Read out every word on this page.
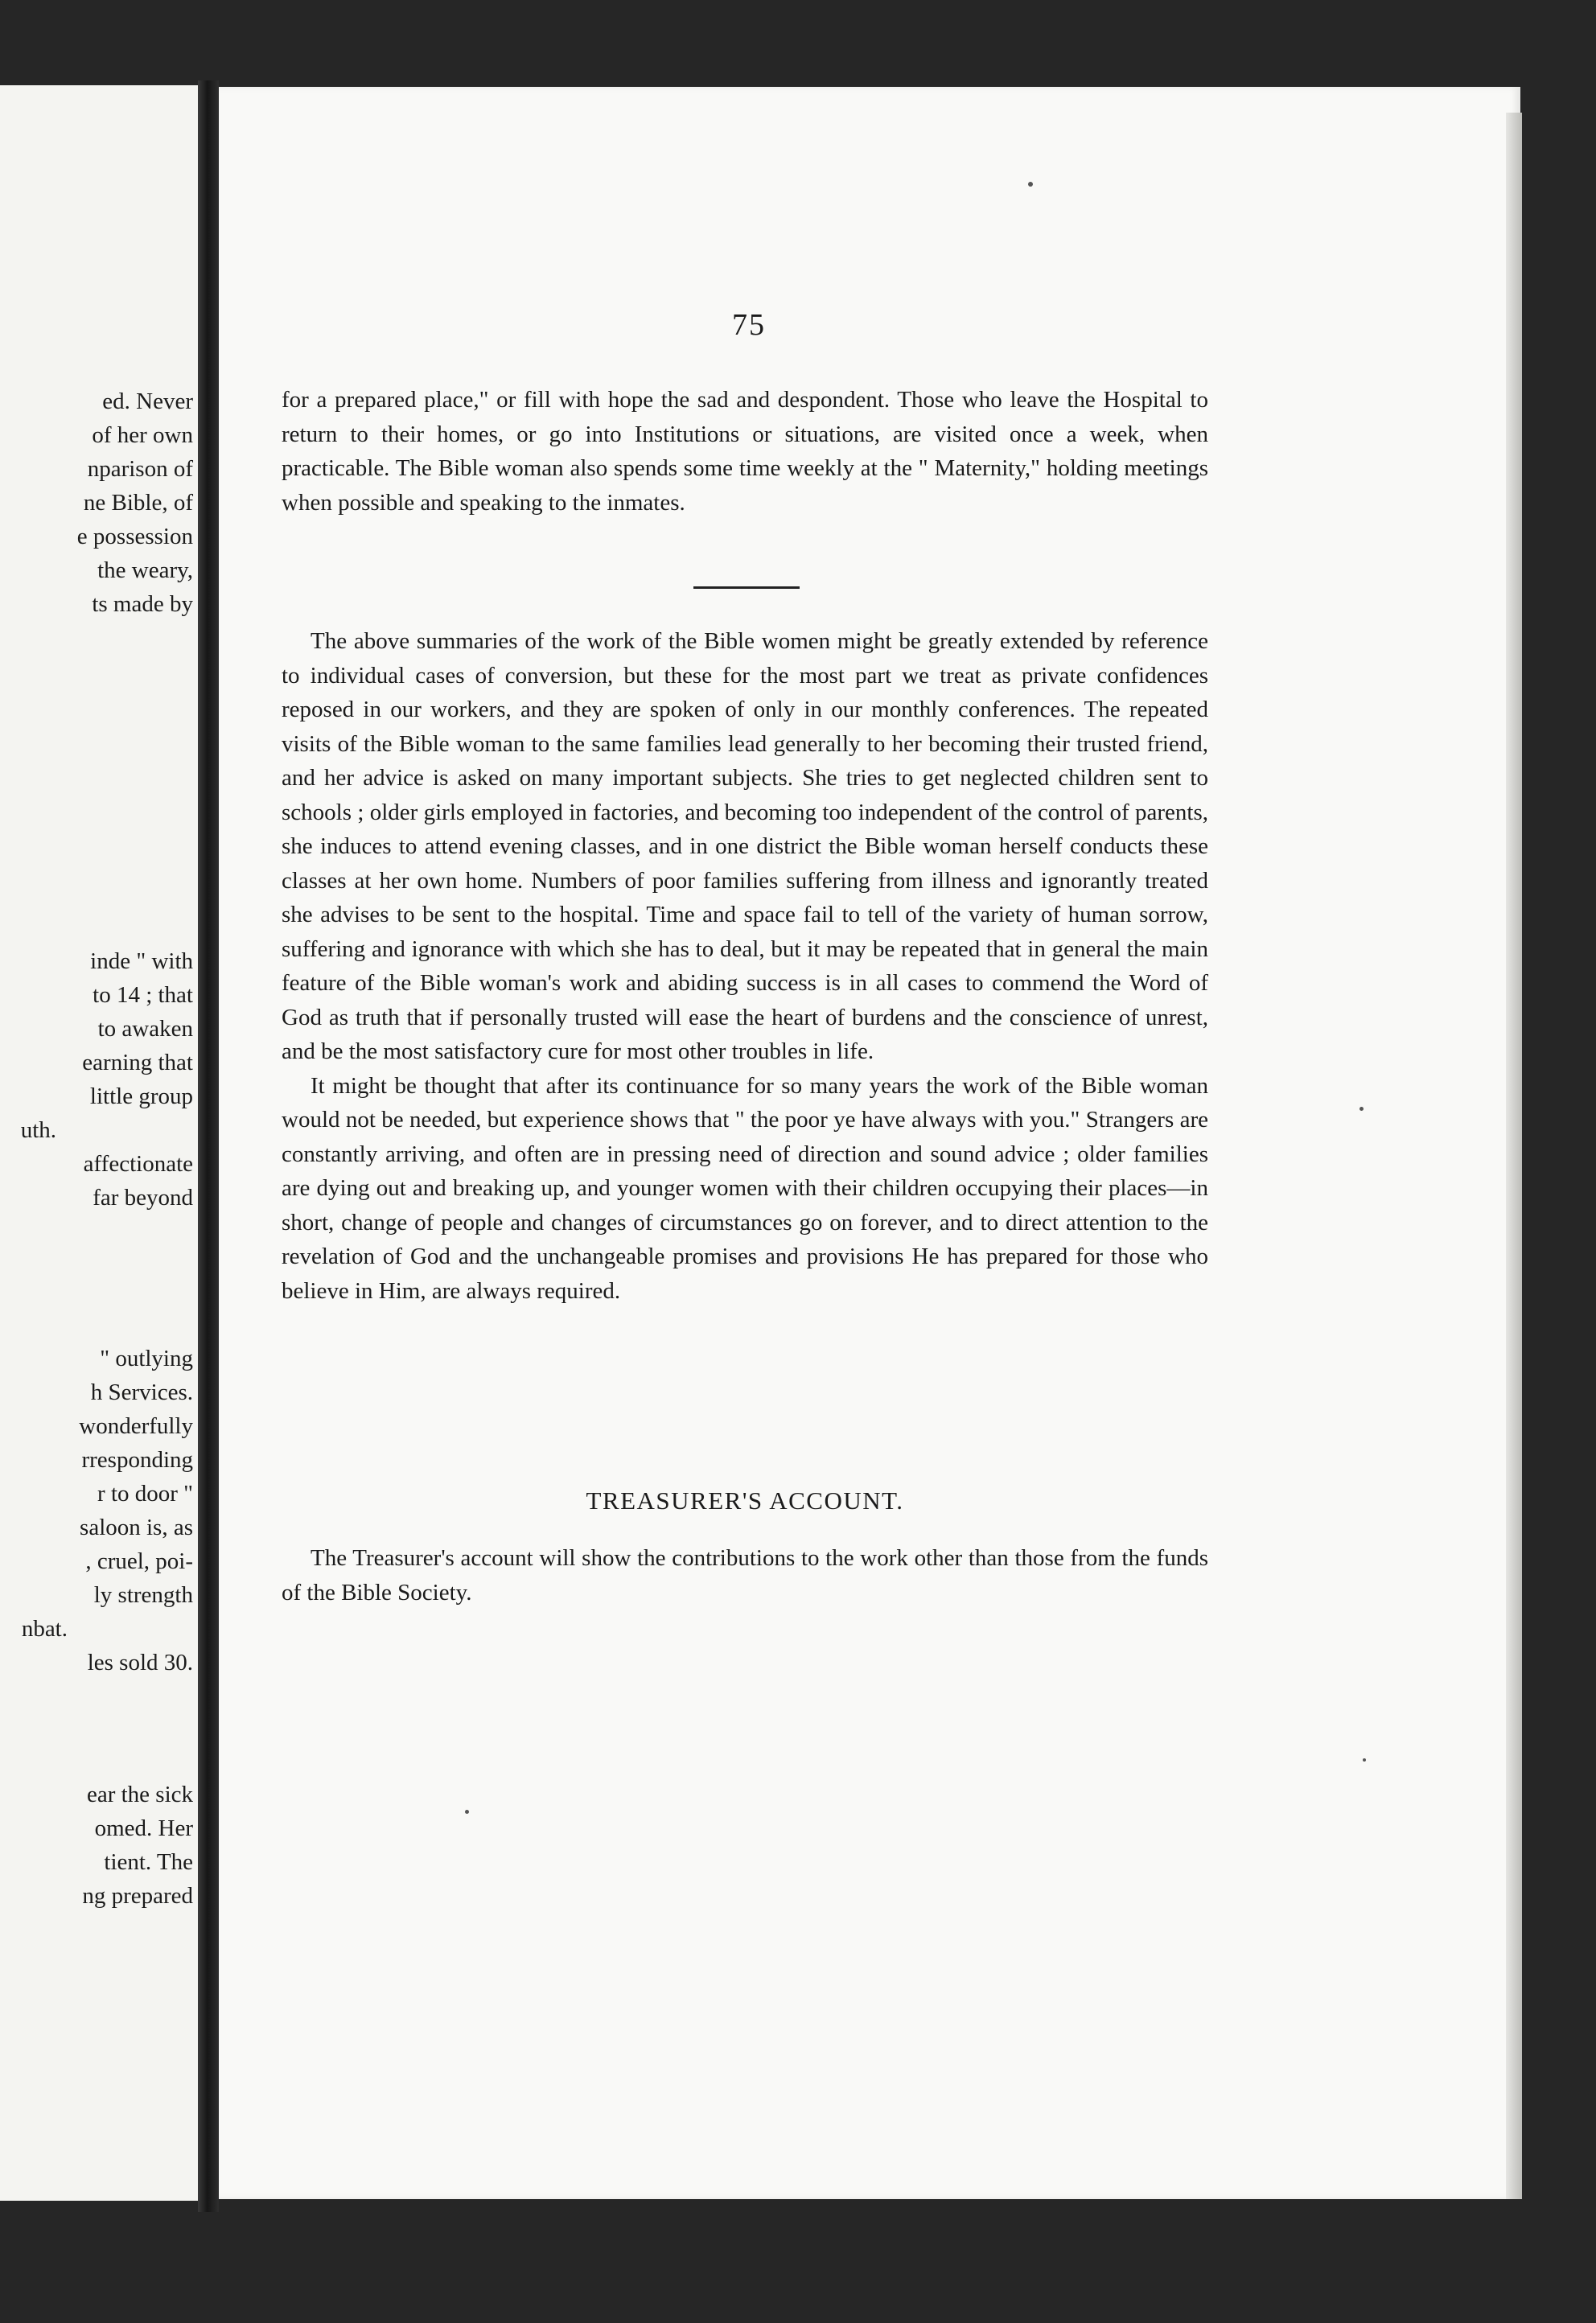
ed. Never
of her own
nparison of
ne Bible, of
e possession
the weary,
ts made by
inde " with
to 14 ; that
to awaken
earning that
little group
uth.
affectionate
far beyond
" outlying
h Services.
wonderfully
rresponding
r to door "
saloon is, as
, cruel, poi-
ly strength
nbat.
les sold 30.
ear the sick
omed. Her
tient. The
ng prepared
75

for a prepared place," or fill with hope the sad and despondent. Those who leave the Hospital to return to their homes, or go into Institutions or situations, are visited once a week, when practicable. The Bible woman also spends some time weekly at the " Maternity," holding meetings when possible and speaking to the inmates.

The above summaries of the work of the Bible women might be greatly extended by reference to individual cases of conversion, but these for the most part we treat as private confidences reposed in our workers, and they are spoken of only in our monthly conferences. The repeated visits of the Bible woman to the same families lead generally to her becoming their trusted friend, and her advice is asked on many important subjects. She tries to get neglected children sent to schools ; older girls employed in factories, and becoming too independent of the control of parents, she induces to attend evening classes, and in one district the Bible woman herself conducts these classes at her own home. Numbers of poor families suffering from illness and ignorantly treated she advises to be sent to the hospital. Time and space fail to tell of the variety of human sorrow, suffering and ignorance with which she has to deal, but it may be repeated that in general the main feature of the Bible woman's work and abiding success is in all cases to commend the Word of God as truth that if personally trusted will ease the heart of burdens and the conscience of unrest, and be the most satisfactory cure for most other troubles in life.

It might be thought that after its continuance for so many years the work of the Bible woman would not be needed, but experience shows that " the poor ye have always with you." Strangers are constantly arriving, and often are in pressing need of direction and sound advice ; older families are dying out and breaking up, and younger women with their children occupying their places—in short, change of people and changes of circumstances go on forever, and to direct attention to the revelation of God and the unchangeable promises and provisions He has prepared for those who believe in Him, are always required.

TREASURER'S ACCOUNT.

The Treasurer's account will show the contributions to the work other than those from the funds of the Bible Society.
